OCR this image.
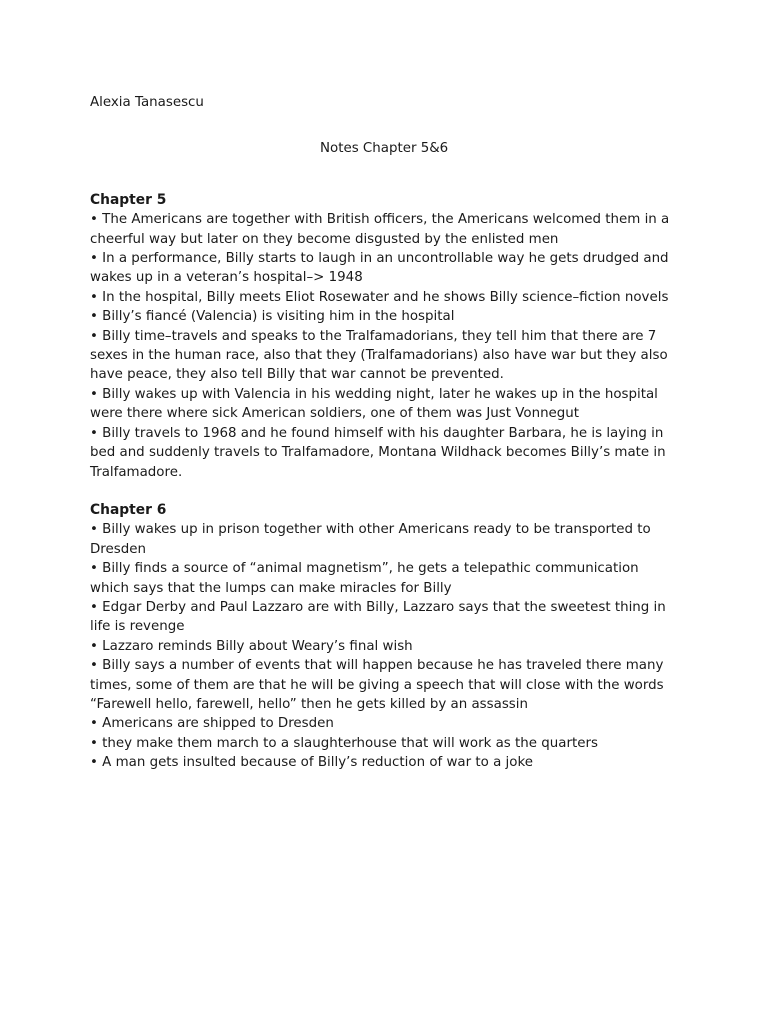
Alexia Tanasescu

Notes Chapter 5&6

Chapter 5
• The Americans are together with British officers, the Americans welcomed them in a cheerful way but later on they become disgusted by the enlisted men
• In a performance, Billy starts to laugh in an uncontrollable way he gets drudged and wakes up in a veteran’s hospital–> 1948
• In the hospital, Billy meets Eliot Rosewater and he shows Billy science–fiction novels
• Billy’s fiancé (Valencia) is visiting him in the hospital
• Billy time–travels and speaks to the Tralfamadorians, they tell him that there are 7 sexes in the human race, also that they (Tralfamadorians) also have war but they also have peace, they also tell Billy that war cannot be prevented.
• Billy wakes up with Valencia in his wedding night, later he wakes up in the hospital were there where sick American soldiers, one of them was Just Vonnegut
• Billy travels to 1968 and he found himself with his daughter Barbara, he is laying in bed and suddenly travels to Tralfamadore, Montana Wildhack becomes Billy’s mate in Tralfamadore.
Chapter 6
• Billy wakes up in prison together with other Americans ready to be transported to Dresden
• Billy finds a source of “animal magnetism”, he gets a telepathic communication which says that the lumps can make miracles for Billy
• Edgar Derby and Paul Lazzaro are with Billy, Lazzaro says that the sweetest thing in life is revenge
• Lazzaro reminds Billy about Weary’s final wish
• Billy says a number of events that will happen because he has traveled there many times, some of them are that he will be giving a speech that will close with the words “Farewell hello, farewell, hello” then he gets killed by an assassin
• Americans are shipped to Dresden
• they make them march to a slaughterhouse that will work as the quarters
• A man gets insulted because of Billy’s reduction of war to a joke
